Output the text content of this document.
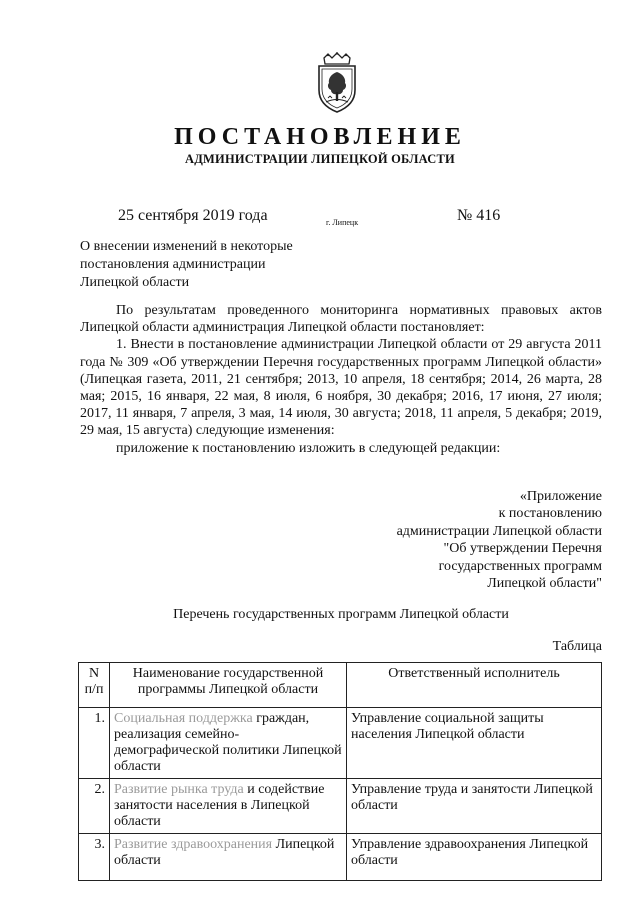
ПОСТАНОВЛЕНИЕ
АДМИНИСТРАЦИИ ЛИПЕЦКОЙ ОБЛАСТИ
25 сентября 2019 года	г. Липецк	№ 416
О внесении изменений в некоторые
постановления администрации
Липецкой области

По результатам проведенного мониторинга нормативных правовых актов Липецкой области администрация Липецкой области постановляет:

1. Внести в постановление администрации Липецкой области от 29 августа 2011 года № 309 «Об утверждении Перечня государственных программ Липецкой области» (Липецкая газета, 2011, 21 сентября; 2013, 10 апреля, 18 сентября; 2014, 26 марта, 28 мая; 2015, 16 января, 22 мая, 8 июля, 6 ноября, 30 декабря; 2016, 17 июня, 27 июля; 2017, 11 января, 7 апреля, 3 мая, 14 июля, 30 августа; 2018, 11 апреля, 5 декабря; 2019, 29 мая, 15 августа) следующие изменения:

приложение к постановлению изложить в следующей редакции:

«Приложение
к постановлению
администрации Липецкой области
"Об утверждении Перечня
государственных программ
Липецкой области"
Перечень государственных программ Липецкой области
Таблица
N п/п	Наименование государственной программы Липецкой области	Ответственный исполнитель
1.	Социальная поддержка граждан, реализация семейно-демографической политики Липецкой области	Управление социальной защиты населения Липецкой области
2.	Развитие рынка труда и содействие занятости населения в Липецкой области	Управление труда и занятости Липецкой области
3.	Развитие здравоохранения Липецкой области	Управление здравоохранения Липецкой области
